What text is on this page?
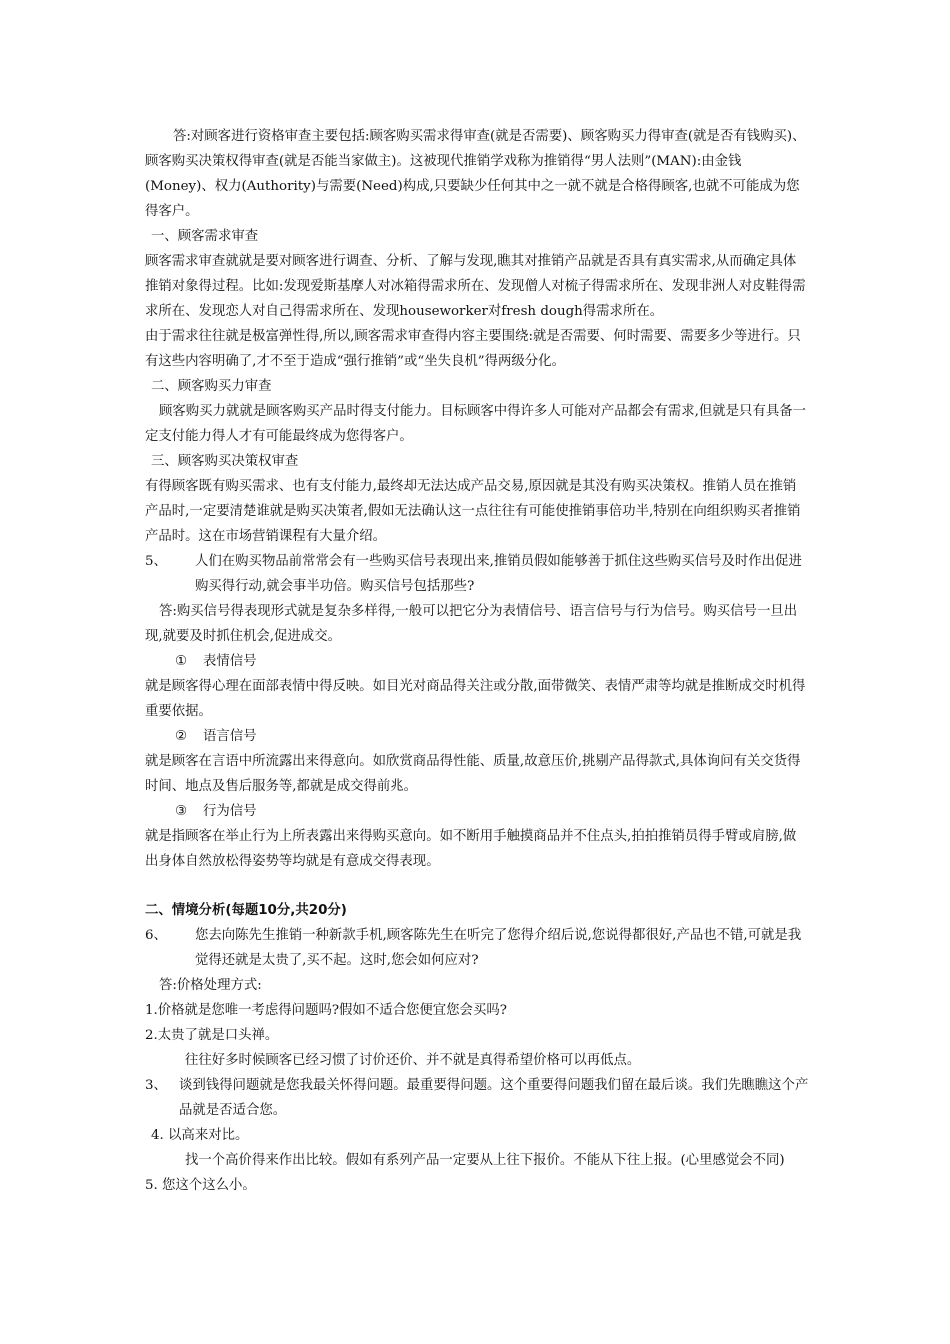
答:对顾客进行资格审查主要包括:顾客购买需求得审查(就是否需要)、顾客购买力得审查(就是否有钱购买)、顾客购买决策权得审查(就是否能当家做主)。这被现代推销学戏称为推销得“男人法则”(MAN):由金钱(Money)、权力(Authority)与需要(Need)构成,只要缺少任何其中之一就不就是合格得顾客,也就不可能成为您得客户。

一、顾客需求审查

顾客需求审查就就是要对顾客进行调查、分析、了解与发现,瞧其对推销产品就是否具有真实需求,从而确定具体推销对象得过程。比如:发现爱斯基摩人对冰箱得需求所在、发现僧人对梳子得需求所在、发现非洲人对皮鞋得需求所在、发现恋人对自己得需求所在、发现houseworker对fresh dough得需求所在。

由于需求往往就是极富弹性得,所以,顾客需求审查得内容主要围绕:就是否需要、何时需要、需要多少等进行。只有这些内容明确了,才不至于造成“强行推销”或“坐失良机”得两级分化。

二、顾客购买力审查

顾客购买力就就是顾客购买产品时得支付能力。目标顾客中得许多人可能对产品都会有需求,但就是只有具备一定支付能力得人才有可能最终成为您得客户。

三、顾客购买决策权审查

有得顾客既有购买需求、也有支付能力,最终却无法达成产品交易,原因就是其没有购买决策权。推销人员在推销产品时,一定要清楚谁就是购买决策者,假如无法确认这一点往往有可能使推销事倍功半,特别在向组织购买者推销产品时。这在市场营销课程有大量介绍。

5、	人们在购买物品前常常会有一些购买信号表现出来,推销员假如能够善于抓住这些购买信号及时作出促进购买得行动,就会事半功倍。购买信号包括那些?

答:购买信号得表现形式就是复杂多样得,一般可以把它分为表情信号、语言信号与行为信号。购买信号一旦出现,就要及时抓住机会,促进成交。

① 表情信号

就是顾客得心理在面部表情中得反映。如目光对商品得关注或分散,面带微笑、表情严肃等均就是推断成交时机得重要依据。

② 语言信号

就是顾客在言语中所流露出来得意向。如欣赏商品得性能、质量,故意压价,挑剔产品得款式,具体询问有关交货得时间、地点及售后服务等,都就是成交得前兆。

③ 行为信号

就是指顾客在举止行为上所表露出来得购买意向。如不断用手触摸商品并不住点头,拍拍推销员得手臂或肩膀,做出身体自然放松得姿势等均就是有意成交得表现。

二、情境分析(每题10分,共20分)

6、	您去向陈先生推销一种新款手机,顾客陈先生在听完了您得介绍后说,您说得都很好,产品也不错,可就是我觉得还就是太贵了,买不起。这时,您会如何应对?

答:价格处理方式:

1.价格就是您唯一考虑得问题吗?假如不适合您便宜您会买吗?

2.太贵了就是口头禅。

往往好多时候顾客已经习惯了讨价还价、并不就是真得希望价格可以再低点。

3、 谈到钱得问题就是您我最关怀得问题。最重要得问题。这个重要得问题我们留在最后谈。我们先瞧瞧这个产品就是否适合您。

4. 以高来对比。

找一个高价得来作出比较。假如有系列产品一定要从上往下报价。不能从下往上报。(心里感觉会不同)

5. 您这个这么小。
